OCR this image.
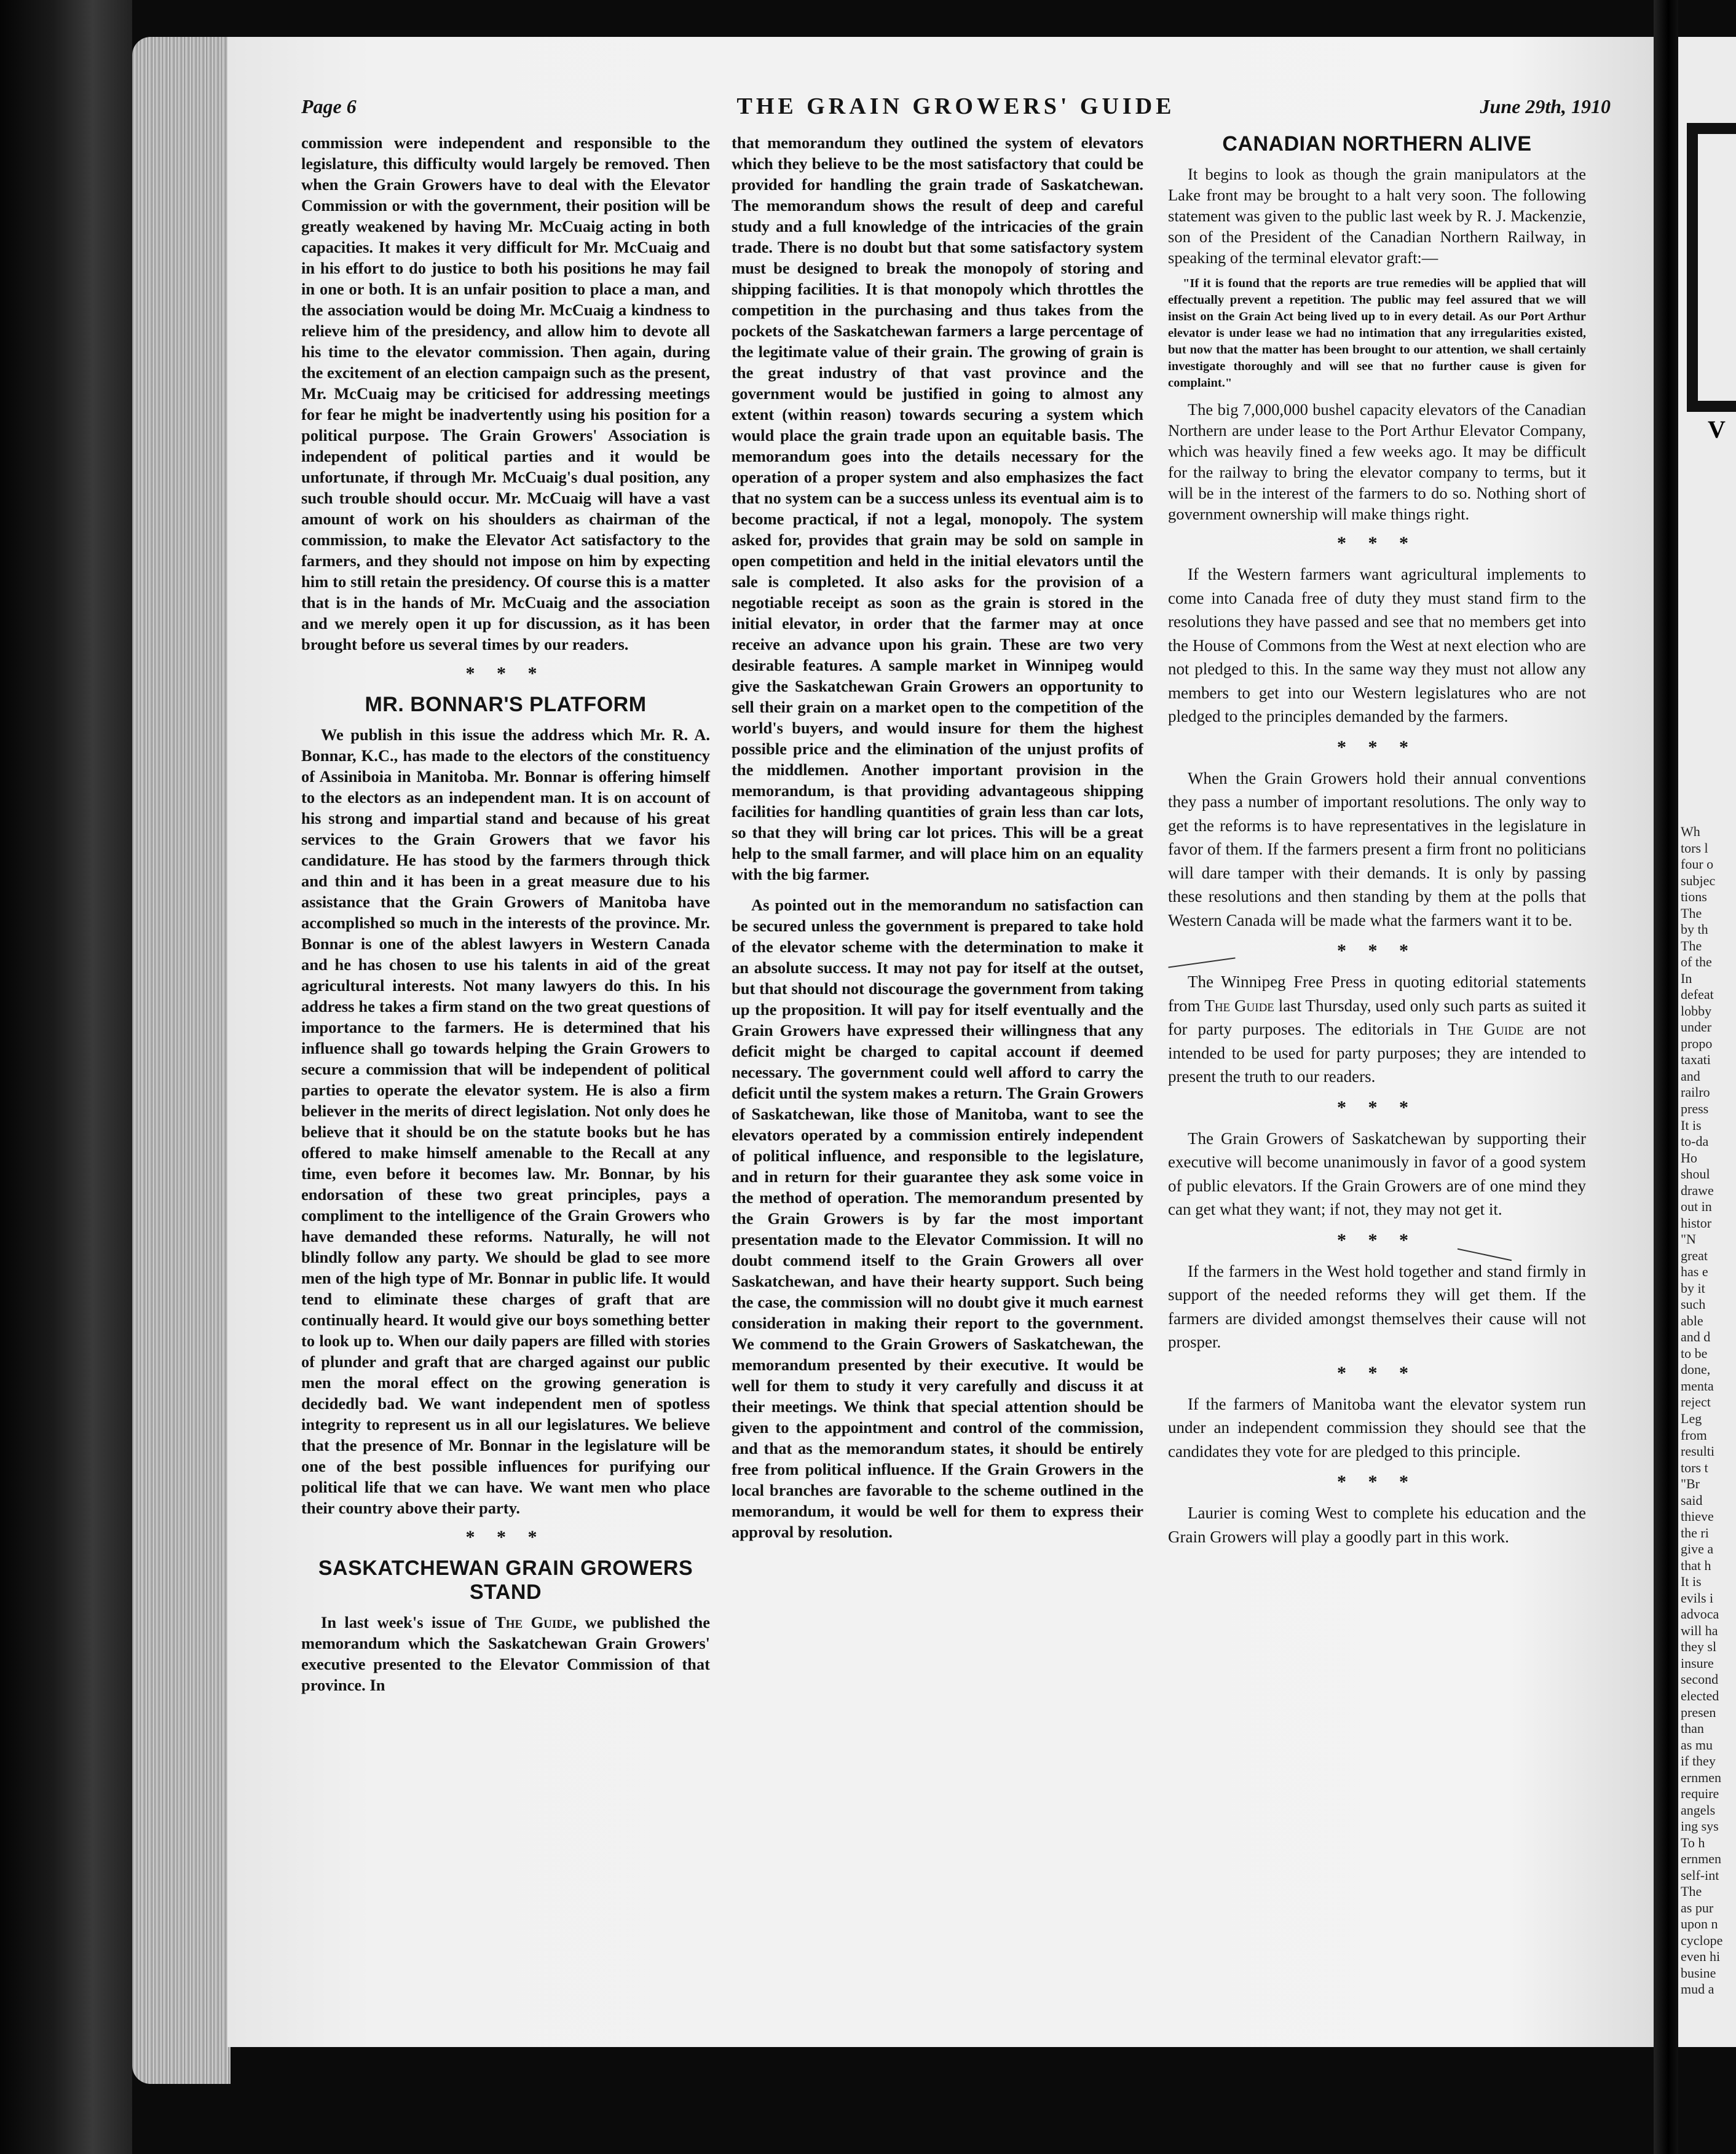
Page 6	THE GRAIN GROWERS' GUIDE	June 29th, 1910

commission were independent and responsible to the legislature, this difficulty would largely be removed. Then when the Grain Growers have to deal with the Elevator Commission or with the government, their position will be greatly weakened by having Mr. McCuaig acting in both capacities. It makes it very difficult for Mr. McCuaig and in his effort to do justice to both his positions he may fail in one or both. It is an unfair position to place a man, and the association would be doing Mr. McCuaig a kindness to relieve him of the presidency, and allow him to devote all his time to the elevator commission. Then again, during the excitement of an election campaign such as the present, Mr. McCuaig may be criticised for addressing meetings for fear he might be inadvertently using his position for a political purpose. The Grain Growers' Association is independent of political parties and it would be unfortunate, if through Mr. McCuaig's dual position, any such trouble should occur. Mr. McCuaig will have a vast amount of work on his shoulders as chairman of the commission, to make the Elevator Act satisfactory to the farmers, and they should not impose on him by expecting him to still retain the presidency. Of course this is a matter that is in the hands of Mr. McCuaig and the association and we merely open it up for discussion, as it has been brought before us several times by our readers.

* * *
MR. BONNAR'S PLATFORM

We publish in this issue the address which Mr. R. A. Bonnar, K.C., has made to the electors of the constituency of Assiniboia in Manitoba. Mr. Bonnar is offering himself to the electors as an independent man. It is on account of his strong and impartial stand and because of his great services to the Grain Growers that we favor his candidature. He has stood by the farmers through thick and thin and it has been in a great measure due to his assistance that the Grain Growers of Manitoba have accomplished so much in the interests of the province. Mr. Bonnar is one of the ablest lawyers in Western Canada and he has chosen to use his talents in aid of the great agricultural interests. Not many lawyers do this. In his address he takes a firm stand on the two great questions of importance to the farmers. He is determined that his influence shall go towards helping the Grain Growers to secure a commission that will be independent of political parties to operate the elevator system. He is also a firm believer in the merits of direct legislation. Not only does he believe that it should be on the statute books but he has offered to make himself amenable to the Recall at any time, even before it becomes law. Mr. Bonnar, by his endorsation of these two great principles, pays a compliment to the intelligence of the Grain Growers who have demanded these reforms. Naturally, he will not blindly follow any party. We should be glad to see more men of the high type of Mr. Bonnar in public life. It would tend to eliminate these charges of graft that are continually heard. It would give our boys something better to look up to. When our daily papers are filled with stories of plunder and graft that are charged against our public men the moral effect on the growing generation is decidedly bad. We want independent men of spotless integrity to represent us in all our legislatures. We believe that the presence of Mr. Bonnar in the legislature will be one of the best possible influences for purifying our political life that we can have. We want men who place their country above their party.

* * *
SASKATCHEWAN GRAIN GROWERS STAND

In last week's issue of The Guide, we published the memorandum which the Saskatchewan Grain Growers' executive presented to the Elevator Commission of that province. In

that memorandum they outlined the system of elevators which they believe to be the most satisfactory that could be provided for handling the grain trade of Saskatchewan. The memorandum shows the result of deep and careful study and a full knowledge of the intricacies of the grain trade. There is no doubt but that some satisfactory system must be designed to break the monopoly of storing and shipping facilities. It is that monopoly which throttles the competition in the purchasing and thus takes from the pockets of the Saskatchewan farmers a large percentage of the legitimate value of their grain. The growing of grain is the great industry of that vast province and the government would be justified in going to almost any extent (within reason) towards securing a system which would place the grain trade upon an equitable basis. The memorandum goes into the details necessary for the operation of a proper system and also emphasizes the fact that no system can be a success unless its eventual aim is to become practical, if not a legal, monopoly. The system asked for, provides that grain may be sold on sample in open competition and held in the initial elevators until the sale is completed. It also asks for the provision of a negotiable receipt as soon as the grain is stored in the initial elevator, in order that the farmer may at once receive an advance upon his grain. These are two very desirable features. A sample market in Winnipeg would give the Saskatchewan Grain Growers an opportunity to sell their grain on a market open to the competition of the world's buyers, and would insure for them the highest possible price and the elimination of the unjust profits of the middlemen. Another important provision in the memorandum, is that providing advantageous shipping facilities for handling quantities of grain less than car lots, so that they will bring car lot prices. This will be a great help to the small farmer, and will place him on an equality with the big farmer.

As pointed out in the memorandum no satisfaction can be secured unless the government is prepared to take hold of the elevator scheme with the determination to make it an absolute success. It may not pay for itself at the outset, but that should not discourage the government from taking up the proposition. It will pay for itself eventually and the Grain Growers have expressed their willingness that any deficit might be charged to capital account if deemed necessary. The government could well afford to carry the deficit until the system makes a return. The Grain Growers of Saskatchewan, like those of Manitoba, want to see the elevators operated by a commission entirely independent of political influence, and responsible to the legislature, and in return for their guarantee they ask some voice in the method of operation. The memorandum presented by the Grain Growers is by far the most important presentation made to the Elevator Commission. It will no doubt commend itself to the Grain Growers all over Saskatchewan, and have their hearty support. Such being the case, the commission will no doubt give it much earnest consideration in making their report to the government. We commend to the Grain Growers of Saskatchewan, the memorandum presented by their executive. It would be well for them to study it very carefully and discuss it at their meetings. We think that special attention should be given to the appointment and control of the commission, and that as the memorandum states, it should be entirely free from political influence. If the Grain Growers in the local branches are favorable to the scheme outlined in the memorandum, it would be well for them to express their approval by resolution.

CANADIAN NORTHERN ALIVE

It begins to look as though the grain manipulators at the Lake front may be brought to a halt very soon. The following statement was given to the public last week by R. J. Mackenzie, son of the President of the Canadian Northern Railway, in speaking of the terminal elevator graft:—

"If it is found that the reports are true remedies will be applied that will effectually prevent a repetition. The public may feel assured that we will insist on the Grain Act being lived up to in every detail. As our Port Arthur elevator is under lease we had no intimation that any irregularities existed, but now that the matter has been brought to our attention, we shall certainly investigate thoroughly and will see that no further cause is given for complaint."

The big 7,000,000 bushel capacity elevators of the Canadian Northern are under lease to the Port Arthur Elevator Company, which was heavily fined a few weeks ago. It may be difficult for the railway to bring the elevator company to terms, but it will be in the interest of the farmers to do so. Nothing short of government ownership will make things right.

* * *

If the Western farmers want agricultural implements to come into Canada free of duty they must stand firm to the resolutions they have passed and see that no members get into the House of Commons from the West at next election who are not pledged to this. In the same way they must not allow any members to get into our Western legislatures who are not pledged to the principles demanded by the farmers.

* * *

When the Grain Growers hold their annual conventions they pass a number of important resolutions. The only way to get the reforms is to have representatives in the legislature in favor of them. If the farmers present a firm front no politicians will dare tamper with their demands. It is only by passing these resolutions and then standing by them at the polls that Western Canada will be made what the farmers want it to be.

* * *

The Winnipeg Free Press in quoting editorial statements from The Guide last Thursday, used only such parts as suited it for party purposes. The editorials in The Guide are not intended to be used for party purposes; they are intended to present the truth to our readers.

* * *

The Grain Growers of Saskatchewan by supporting their executive will become unanimously in favor of a good system of public elevators. If the Grain Growers are of one mind they can get what they want; if not, they may not get it.

* * *

If the farmers in the West hold together and stand firmly in support of the needed reforms they will get them. If the farmers are divided amongst themselves their cause will not prosper.

* * *

If the farmers of Manitoba want the elevator system run under an independent commission they should see that the candidates they vote for are pledged to this principle.

* * *

Laurier is coming West to complete his education and the Grain Growers will play a goodly part in this work.

V
Wh
tors l
four o
subjec
tions
The
by th
The
of the
In
defeat
lobby
under
propo
taxati
and
railro
press
It is
to-da
Ho
shoul
drawe
out in
histor
"N
great
has e
by it
such
able
and d
to be
done,
menta
reject
Leg
from
resulti
tors t
"Br
said
thieve
the ri
give a
that h
It is
evils i
advoca
will ha
they sl
insure
second
elected
presen
than
as mu
if they
ernmen
require
angels
ing sys
To h
ernmen
self-int
The
as pur
upon n
cyclope
even hi
busine
mud a
